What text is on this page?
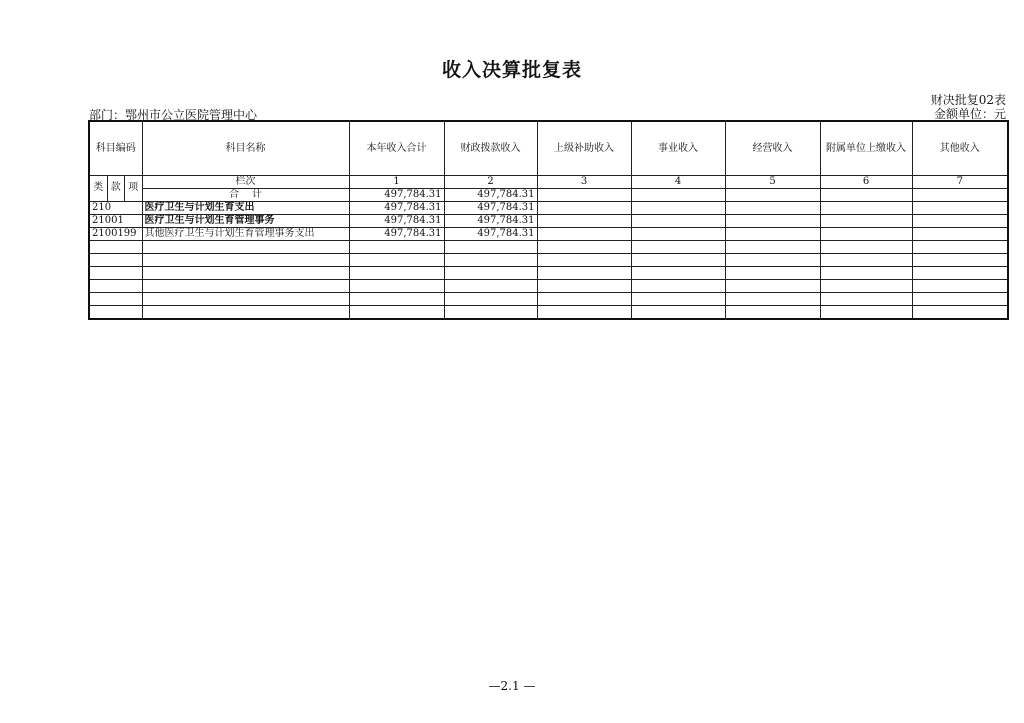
收入决算批复表
财决批复02表
金额单位：元
部门：鄂州市公立医院管理中心
科目编码	科目名称	本年收入合计	财政拨款收入	上级补助收入	事业收入	经营收入	附属单位上缴收入	其他收入

类 款 项	栏次	1	2	3	4	5	6	7
	合    计	497,784.31	497,784.31					
210	医疗卫生与计划生育支出	497,784.31	497,784.31					
21001	医疗卫生与计划生育管理事务	497,784.31	497,784.31					
2100199	其他医疗卫生与计划生育管理事务支出	497,784.31	497,784.31					

—2.1 —
